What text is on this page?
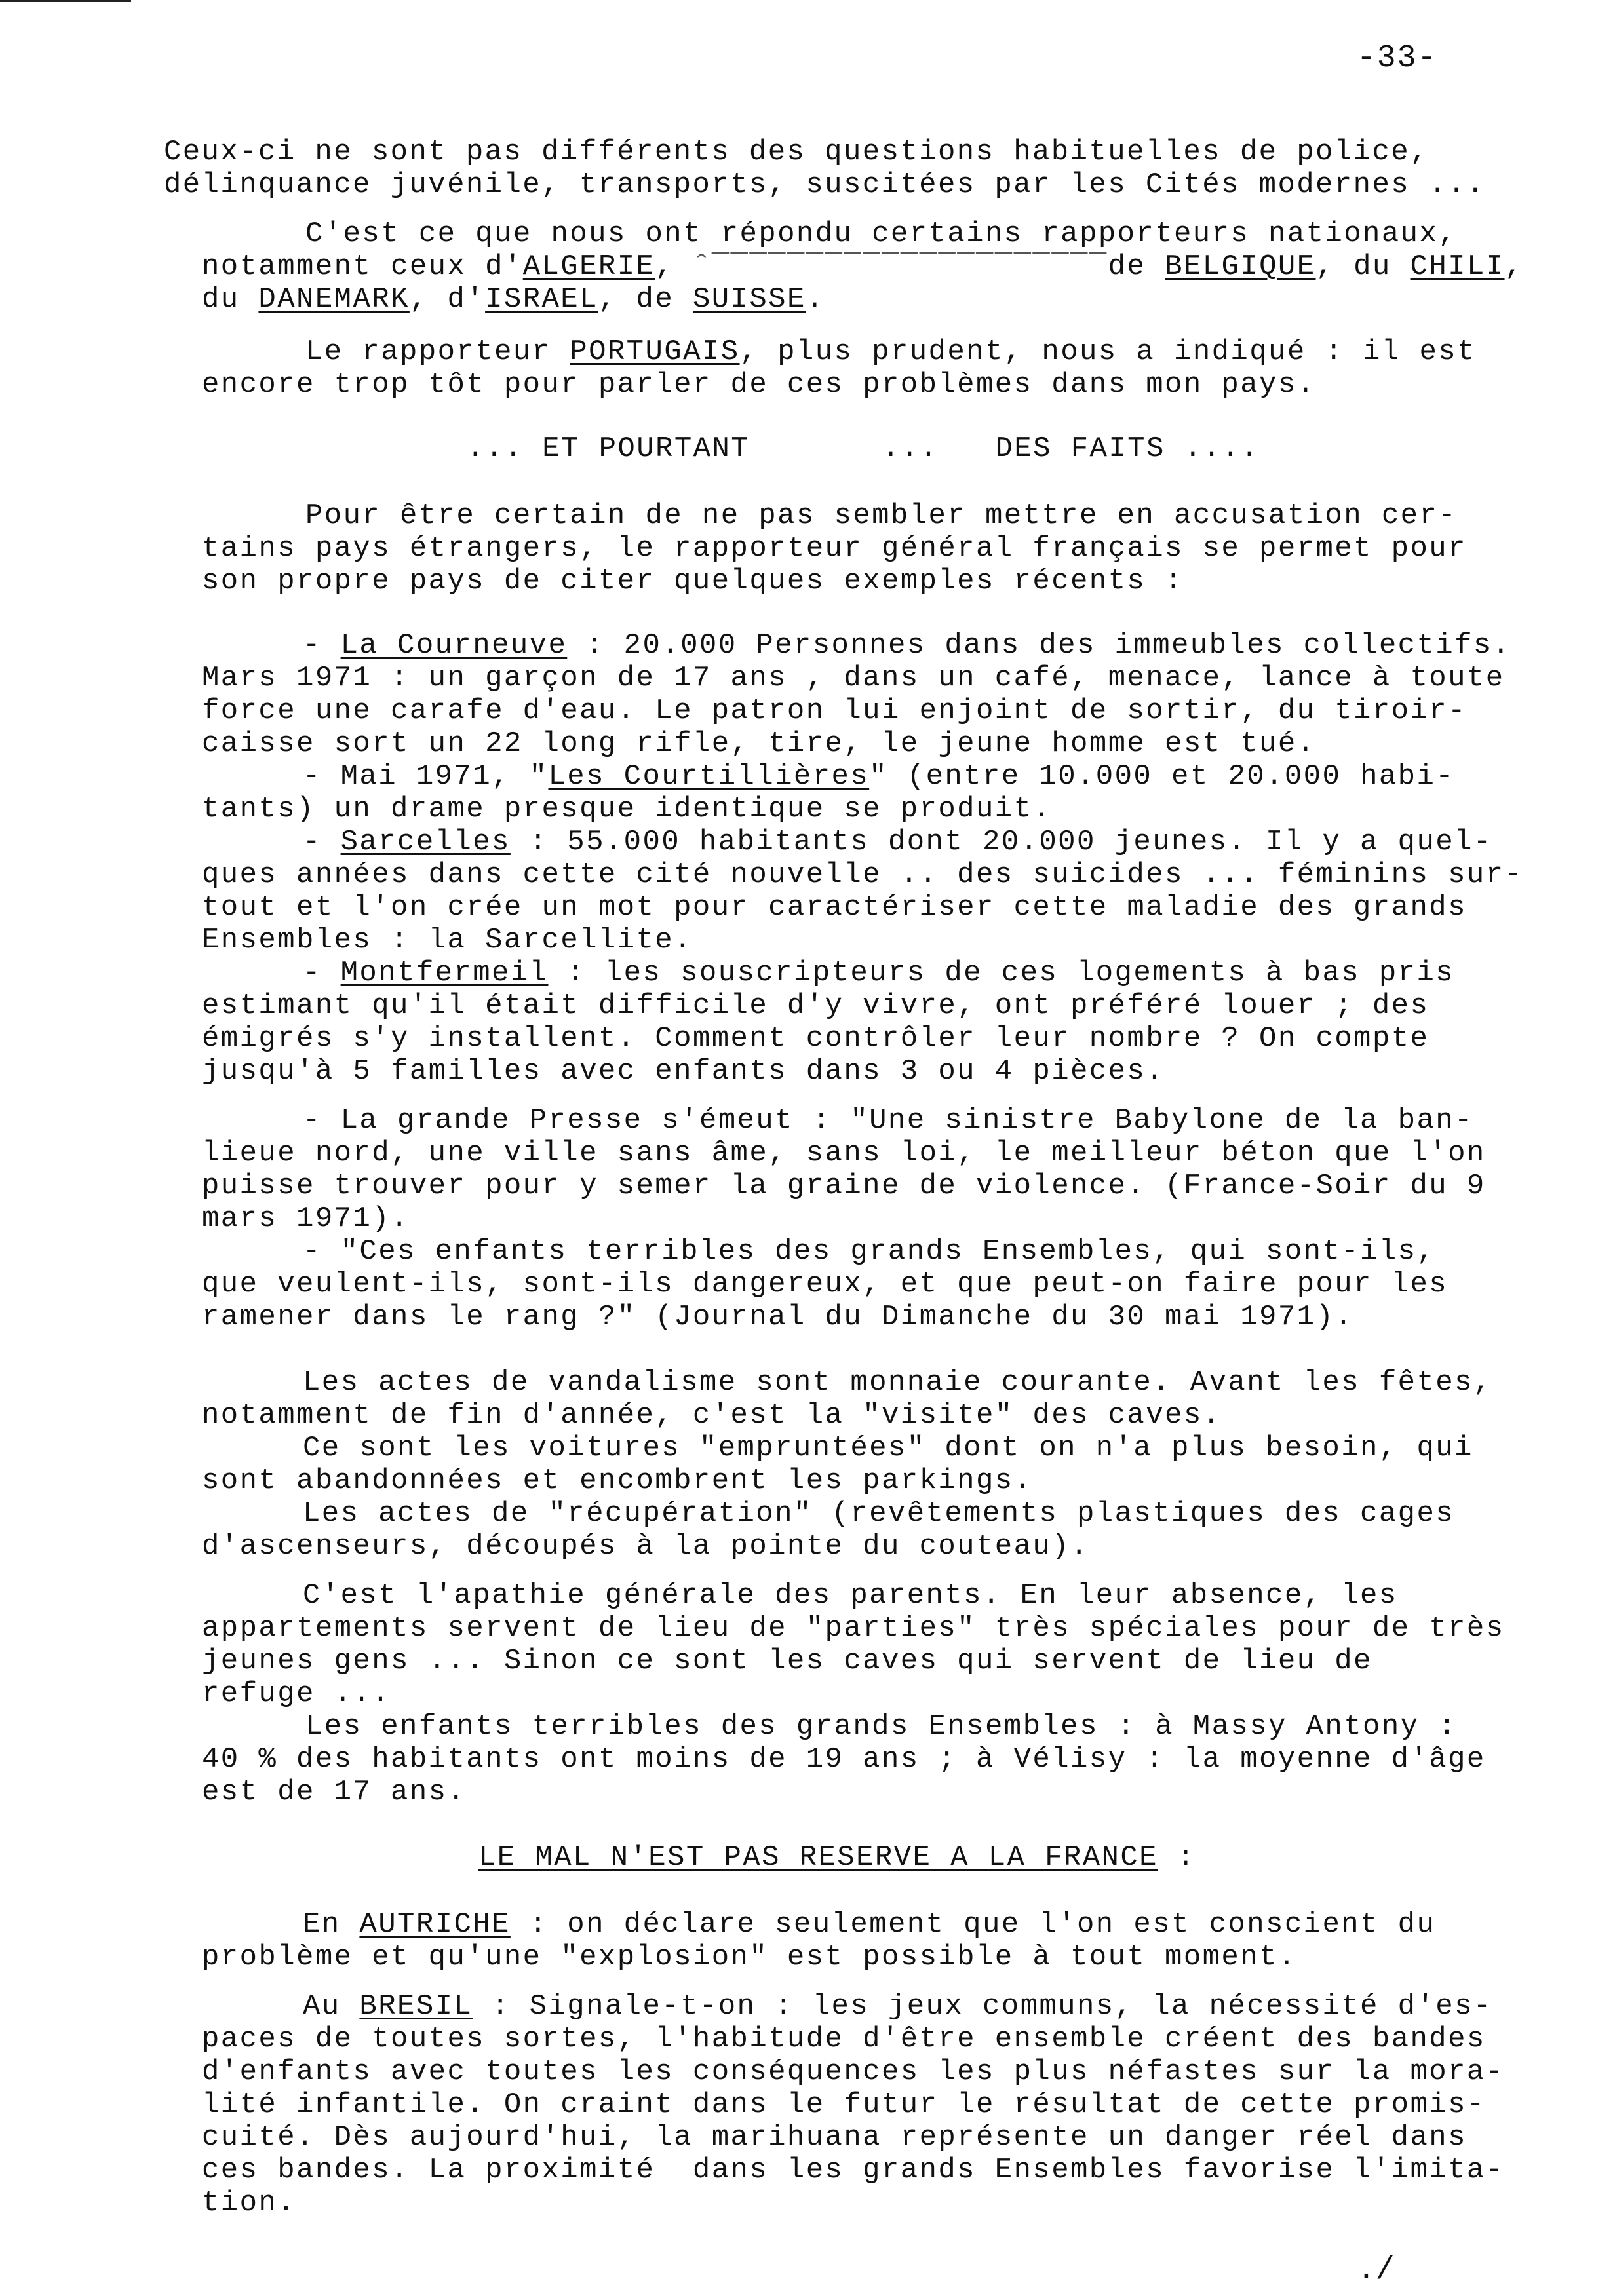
-33-
Ceux-ci ne sont pas différents des questions habituelles de police,
délinquance juvénile, transports, suscitées par les Cités modernes ...
C'est ce que nous ont répondu certains rapporteurs nationaux,
notamment ceux d'ALGERIE, ˆ‾‾‾‾‾‾‾‾‾‾‾‾‾‾‾‾‾‾‾‾‾de BELGIQUE, du CHILI,
du DANEMARK, d'ISRAEL, de SUISSE.
Le rapporteur PORTUGAIS, plus prudent, nous a indiqué : il est
encore trop tôt pour parler de ces problèmes dans mon pays.
... ET POURTANT       ...   DES FAITS ....
Pour être certain de ne pas sembler mettre en accusation cer-
tains pays étrangers, le rapporteur général français se permet pour
son propre pays de citer quelques exemples récents :
- La Courneuve : 20.000 Personnes dans des immeubles collectifs.
Mars 1971 : un garçon de 17 ans , dans un café, menace, lance à toute
force une carafe d'eau. Le patron lui enjoint de sortir, du tiroir-
caisse sort un 22 long rifle, tire, le jeune homme est tué.
- Mai 1971, "Les Courtillières" (entre 10.000 et 20.000 habi-
tants) un drame presque identique se produit.
- Sarcelles : 55.000 habitants dont 20.000 jeunes. Il y a quel-
ques années dans cette cité nouvelle .. des suicides ... féminins sur-
tout et l'on crée un mot pour caractériser cette maladie des grands
Ensembles : la Sarcellite.
- Montfermeil : les souscripteurs de ces logements à bas pris
estimant qu'il était difficile d'y vivre, ont préféré louer ; des
émigrés s'y installent. Comment contrôler leur nombre ? On compte
jusqu'à 5 familles avec enfants dans 3 ou 4 pièces.
- La grande Presse s'émeut : "Une sinistre Babylone de la ban-
lieue nord, une ville sans âme, sans loi, le meilleur béton que l'on
puisse trouver pour y semer la graine de violence. (France-Soir du 9
mars 1971).
- "Ces enfants terribles des grands Ensembles, qui sont-ils,
que veulent-ils, sont-ils dangereux, et que peut-on faire pour les
ramener dans le rang ?" (Journal du Dimanche du 30 mai 1971).
Les actes de vandalisme sont monnaie courante. Avant les fêtes,
notamment de fin d'année, c'est la "visite" des caves.
Ce sont les voitures "empruntées" dont on n'a plus besoin, qui
sont abandonnées et encombrent les parkings.
Les actes de "récupération" (revêtements plastiques des cages
d'ascenseurs, découpés à la pointe du couteau).
C'est l'apathie générale des parents. En leur absence, les
appartements servent de lieu de "parties" très spéciales pour de très
jeunes gens ... Sinon ce sont les caves qui servent de lieu de
refuge ...
Les enfants terribles des grands Ensembles : à Massy Antony :
40 % des habitants ont moins de 19 ans ; à Vélisy : la moyenne d'âge
est de 17 ans.
LE MAL N'EST PAS RESERVE A LA FRANCE :
En AUTRICHE : on déclare seulement que l'on est conscient du
problème et qu'une "explosion" est possible à tout moment.
Au BRESIL : Signale-t-on : les jeux communs, la nécessité d'es-
paces de toutes sortes, l'habitude d'être ensemble créent des bandes
d'enfants avec toutes les conséquences les plus néfastes sur la mora-
lité infantile. On craint dans le futur le résultat de cette promis-
cuité. Dès aujourd'hui, la marihuana représente un danger réel dans
ces bandes. La proximité  dans les grands Ensembles favorise l'imita-
tion.
./
